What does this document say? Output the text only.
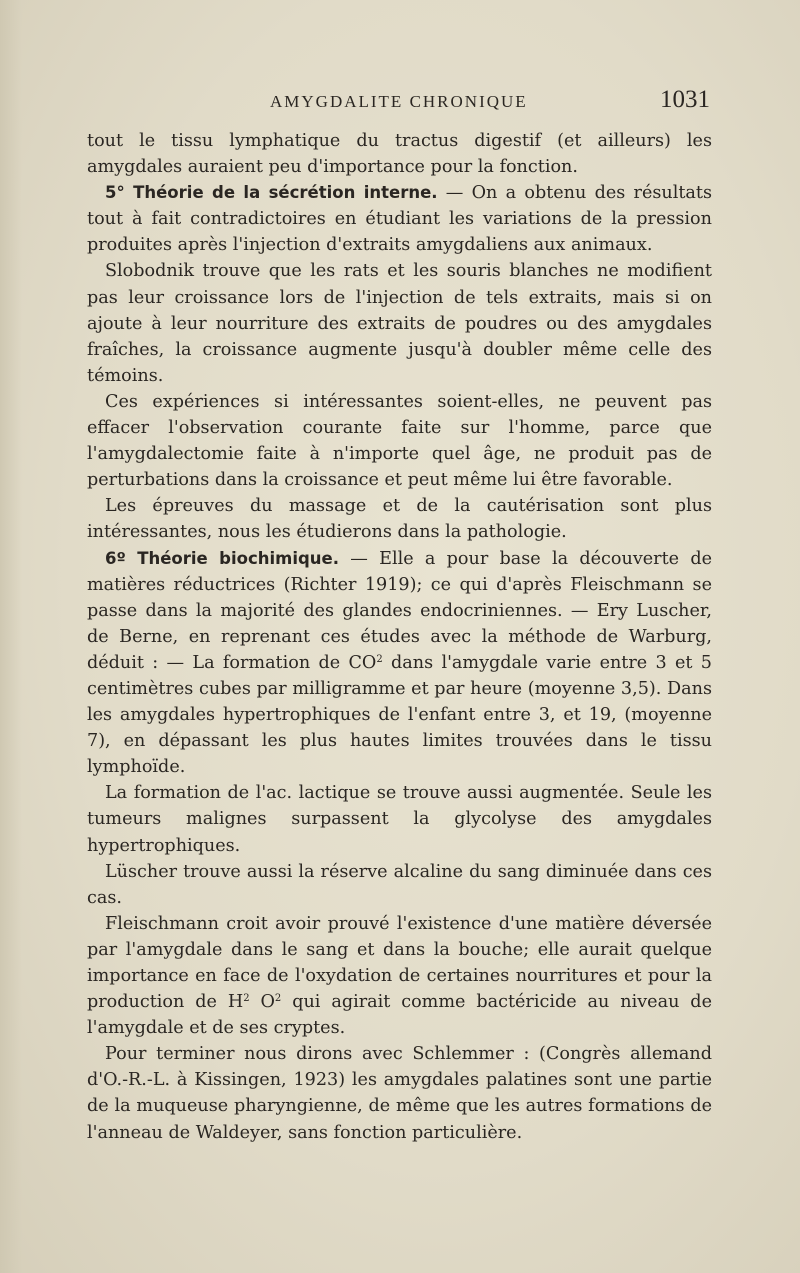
AMYGDALITE CHRONIQUE	1031

tout le tissu lymphatique du tractus digestif (et ailleurs) les amygdales auraient peu d'importance pour la fonction.

5° Théorie de la sécrétion interne. — On a obtenu des résultats tout à fait contradictoires en étudiant les variations de la pression produites après l'injection d'extraits amygdaliens aux animaux.

Slobodnik trouve que les rats et les souris blanches ne modifient pas leur croissance lors de l'injection de tels extraits, mais si on ajoute à leur nourriture des extraits de poudres ou des amygdales fraîches, la croissance augmente jusqu'à doubler même celle des témoins.

Ces expériences si intéressantes soient-elles, ne peuvent pas effacer l'observation courante faite sur l'homme, parce que l'amygdalectomie faite à n'importe quel âge, ne produit pas de perturbations dans la croissance et peut même lui être favorable.

Les épreuves du massage et de la cautérisation sont plus intéressantes, nous les étudierons dans la pathologie.

6º Théorie biochimique. — Elle a pour base la découverte de matières réductrices (Richter 1919); ce qui d'après Fleischmann se passe dans la majorité des glandes endocriniennes. — Ery Luscher, de Berne, en reprenant ces études avec la méthode de Warburg, déduit : — La formation de $CO^2$ dans l'amygdale varie entre 3 et 5 centimètres cubes par milligramme et par heure (moyenne 3,5). Dans les amygdales hypertrophiques de l'enfant entre 3, et 19, (moyenne 7), en dépassant les plus hautes limites trouvées dans le tissu lymphoïde.

La formation de l'ac. lactique se trouve aussi augmentée. Seule les tumeurs malignes surpassent la glycolyse des amygdales hypertrophiques.

Lüscher trouve aussi la réserve alcaline du sang diminuée dans ces cas.

Fleischmann croit avoir prouvé l'existence d'une matière déversée par l'amygdale dans le sang et dans la bouche; elle aurait quelque importance en face de l'oxydation de certaines nourritures et pour la production de $H^2$ $O^2$ qui agirait comme bactéricide au niveau de l'amygdale et de ses cryptes.

Pour terminer nous dirons avec Schlemmer : (Congrès allemand d'O.-R.-L. à Kissingen, 1923) les amygdales palatines sont une partie de la muqueuse pharyngienne, de même que les autres formations de l'anneau de Waldeyer, sans fonction particulière.
